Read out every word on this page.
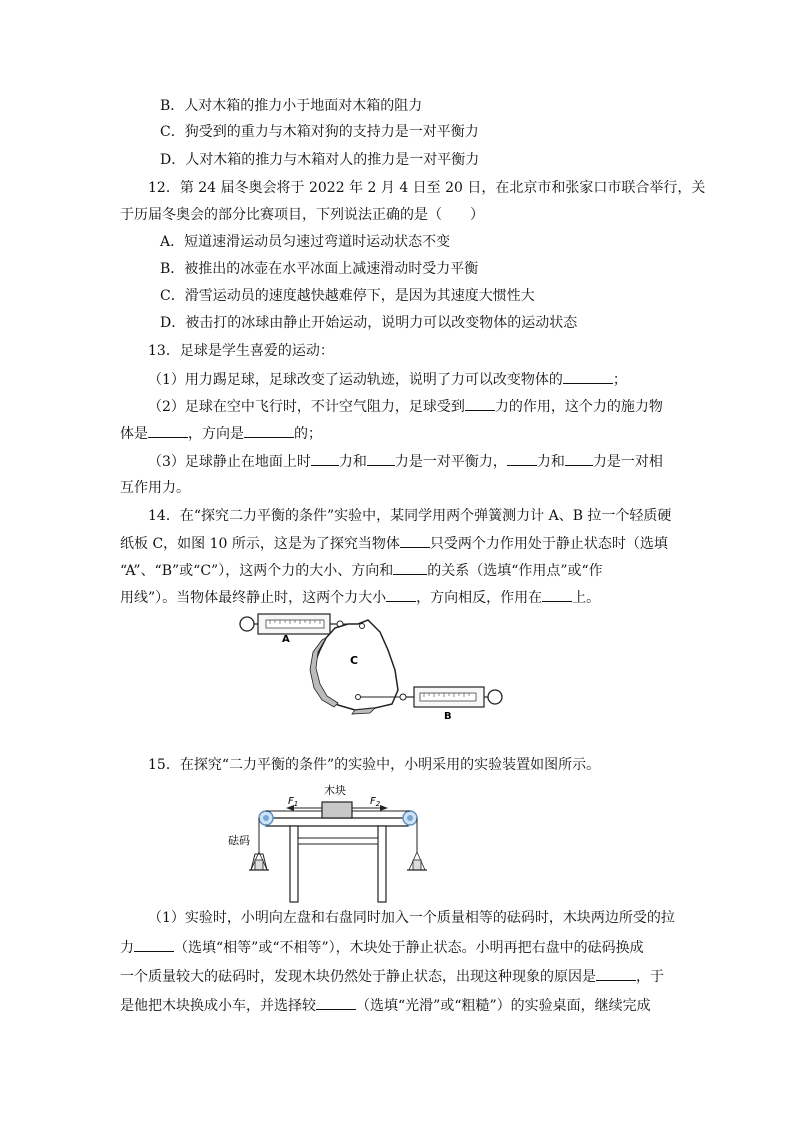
B．人对木箱的推力小于地面对木箱的阻力
C．狗受到的重力与木箱对狗的支持力是一对平衡力
D．人对木箱的推力与木箱对人的推力是一对平衡力
12．第 24 届冬奥会将于 2022 年 2 月 4 日至 20 日，在北京市和张家口市联合举行，关
于历届冬奥会的部分比赛项目，下列说法正确的是（　　）
A．短道速滑运动员匀速过弯道时运动状态不变
B．被推出的冰壶在水平冰面上减速滑动时受力平衡
C．滑雪运动员的速度越快越难停下，是因为其速度大惯性大
D．被击打的冰球由静止开始运动，说明力可以改变物体的运动状态
13．足球是学生喜爱的运动：
（1）用力踢足球，足球改变了运动轨迹，说明了力可以改变物体的	；
（2）足球在空中飞行时，不计空气阻力，足球受到 力的作用，这个力的施力物
体是	，方向是	的；
（3）足球静止在地面上时 力和 力是一对平衡力， 力和 力是一对相
互作用力。
14．在“探究二力平衡的条件”实验中，某同学用两个弹簧测力计 A、B 拉一个轻质硬
纸板 C，如图 10 所示，这是为了探究当物体 只受两个力作用处于静止状态时（选填
“A”、“B”或“C”），这两个力的大小、方向和 的关系（选填“作用点”或“作
用线”）。当物体最终静止时，这两个力大小 ，方向相反，作用在 上。
A
C
B
15．在探究“二力平衡的条件”的实验中，小明采用的实验装置如图所示。
木块
$F_1$	$F_2$
砝码
（1）实验时，小明向左盘和右盘同时加入一个质量相等的砝码时，木块两边所受的拉
力	（选填“相等”或“不相等”），木块处于静止状态。小明再把右盘中的砝码换成
一个质量较大的砝码时，发现木块仍然处于静止状态，出现这种现象的原因是	，于
是他把木块换成小车，并选择较	（选填“光滑”或“粗糙”）的实验桌面，继续完成
